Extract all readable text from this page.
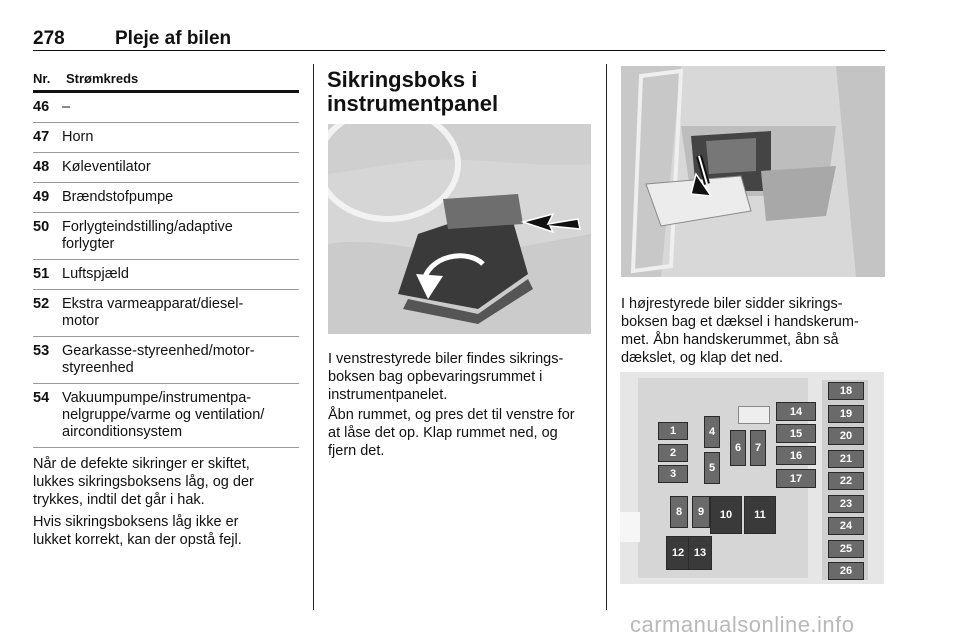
278	Pleje af bilen
Nr.	Strømkreds
46 –
47 Horn
48 Køleventilator
49 Brændstofpumpe
50 Forlygteindstilling/adaptive
forlygter
51 Luftspjæld
52 Ekstra varmeapparat/diesel-
motor
53 Gearkasse-styreenhed/motor-
styreenhed
54 Vakuumpumpe/instrumentpa-
nelgruppe/varme og ventilation/
airconditionsystem
Når de defekte sikringer er skiftet,
lukkes sikringsboksens låg, og der
trykkes, indtil det går i hak.
Hvis sikringsboksens låg ikke er
lukket korrekt, kan der opstå fejl.
Sikringsboks i
instrumentpanel
I venstrestyrede biler findes sikrings-
boksen bag opbevaringsrummet i
instrumentpanelet.
Åbn rummet, og pres det til venstre for
at låse det op. Klap rummet ned, og
fjern det.
I højrestyrede biler sidder sikrings-
boksen bag et dæksel i handskerum-
met. Åbn handskerummet, åbn så
dækslet, og klap det ned.
1
2
3
4
5
6	7
8	9	10	11
12 13
14
15
16
17
18
19
20
21
22
23
24
25
26
carmanualsonline.info
